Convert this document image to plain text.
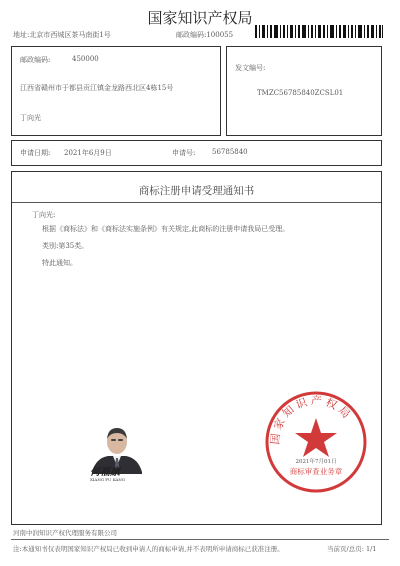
国家知识产权局
地址:北京市西城区茶马南街1号	邮政编码:100055
邮政编码:	450000
江西省赣州市于都县贡江镇金龙路西北区4栋15号
丁向光
发文编号:
TMZC56785840ZCSL01
申请日期: 2021年6月9日	申请号: 56785840
商标注册申请受理通知书
丁向光:
根据《商标法》和《商标法实施条例》有关规定,此商标的注册申请我局已受理。
类别:第35类。
特此通知。
何福康
XIANG FU KANG
国家知识产权局
2021年7月01日
商标审查业务章
河南中润知识产权代理服务有限公司
注:本通知书仅表明国家知识产权局已收到申请人的商标申请,并不表明所申请商标已获准注册。	当前页/总页: 1/1
